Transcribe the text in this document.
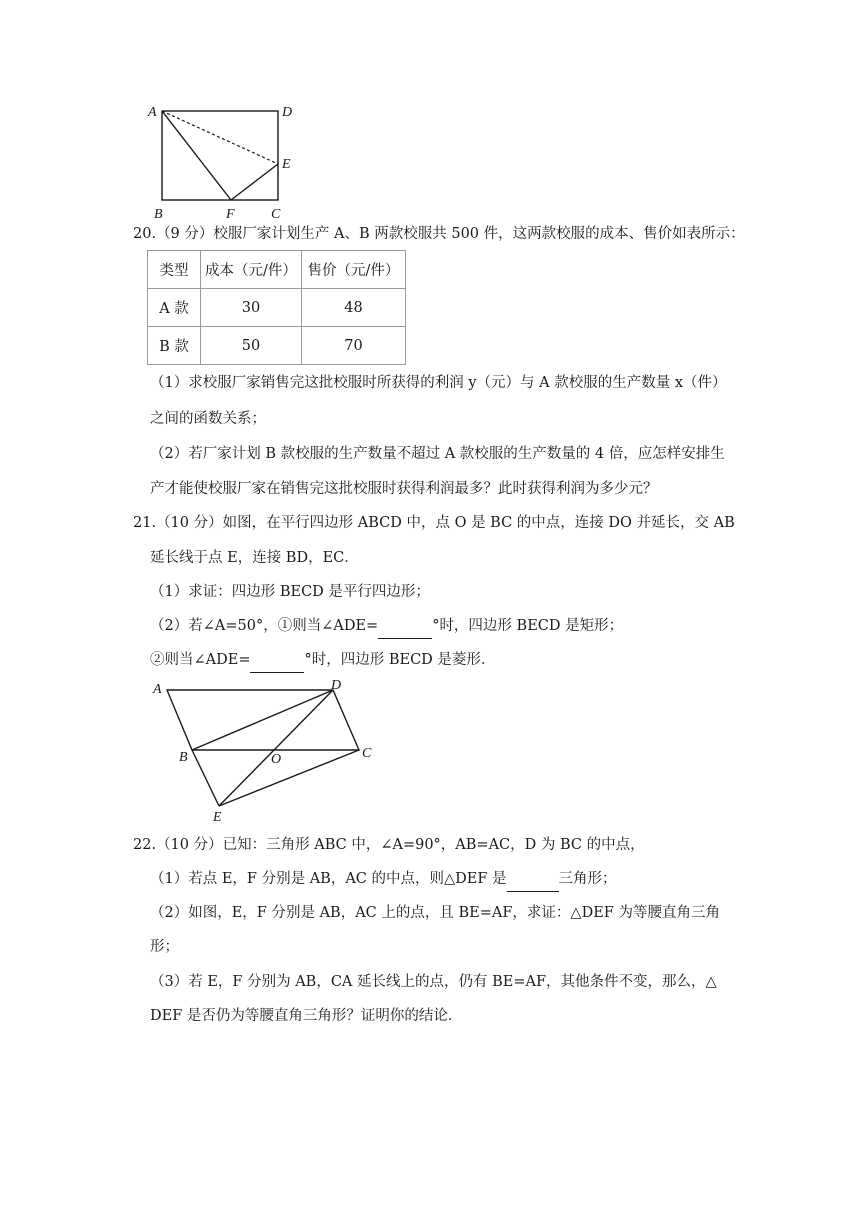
A	D
E
B	F	C
20.（9 分）校服厂家计划生产 A、B 两款校服共 500 件，这两款校服的成本、售价如表所示：
类型	成本（元/件）	售价（元/件）
A 款	30	48
B 款	50	70
（1）求校服厂家销售完这批校服时所获得的利润 y（元）与 A 款校服的生产数量 x（件）
之间的函数关系；
（2）若厂家计划 B 款校服的生产数量不超过 A 款校服的生产数量的 4 倍，应怎样安排生
产才能使校服厂家在销售完这批校服时获得利润最多？此时获得利润为多少元？
21.（10 分）如图，在平行四边形 ABCD 中，点 O 是 BC 的中点，连接 DO 并延长，交 AB
延长线于点 E，连接 BD，EC．
（1）求证：四边形 BECD 是平行四边形；
（2）若∠A=50°，①则当∠ADE=	°时，四边形 BECD 是矩形；
②则当∠ADE=	°时，四边形 BECD 是菱形．
A	D
B	O	C
E
22.（10 分）已知：三角形 ABC 中，∠A=90°，AB=AC，D 为 BC 的中点，
（1）若点 E，F 分别是 AB，AC 的中点，则△DEF 是	三角形；
（2）如图，E，F 分别是 AB，AC 上的点，且 BE=AF，求证：△DEF 为等腰直角三角
形；
（3）若 E，F 分别为 AB，CA 延长线上的点，仍有 BE=AF，其他条件不变，那么，△
DEF 是否仍为等腰直角三角形？证明你的结论．
